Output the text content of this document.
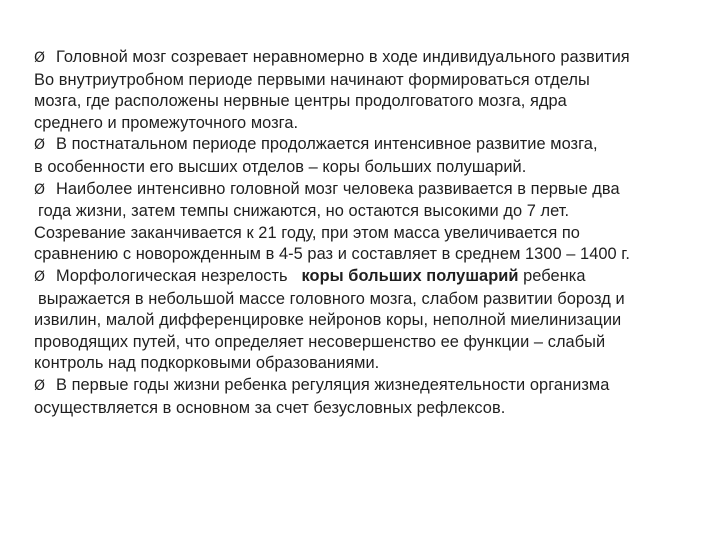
Ø Головной мозг созревает неравномерно в ходе индивидуального развития
Во внутриутробном периоде первыми начинают формироваться отделы
мозга, где расположены нервные центры продолговатого мозга, ядра
среднего и промежуточного мозга.
Ø В постнатальном периоде продолжается интенсивное развитие мозга,
в особенности его высших отделов – коры больших полушарий.
Ø Наиболее интенсивно головной мозг человека развивается в первые два
года жизни, затем темпы снижаются, но остаются высокими до 7 лет.
Созревание заканчивается к 21 году, при этом масса увеличивается по
сравнению с новорожденным в 4-5 раз и составляет в среднем 1300 – 1400 г.
Ø Морфологическая незрелость коры больших полушарий ребенка
выражается в небольшой массе головного мозга, слабом развитии борозд и
извилин, малой дифференцировке нейронов коры, неполной миелинизации
проводящих путей, что определяет несовершенство ее функции – слабый
контроль над подкорковыми образованиями.
Ø В первые годы жизни ребенка регуляция жизнедеятельности организма
осуществляется в основном за счет безусловных рефлексов.
